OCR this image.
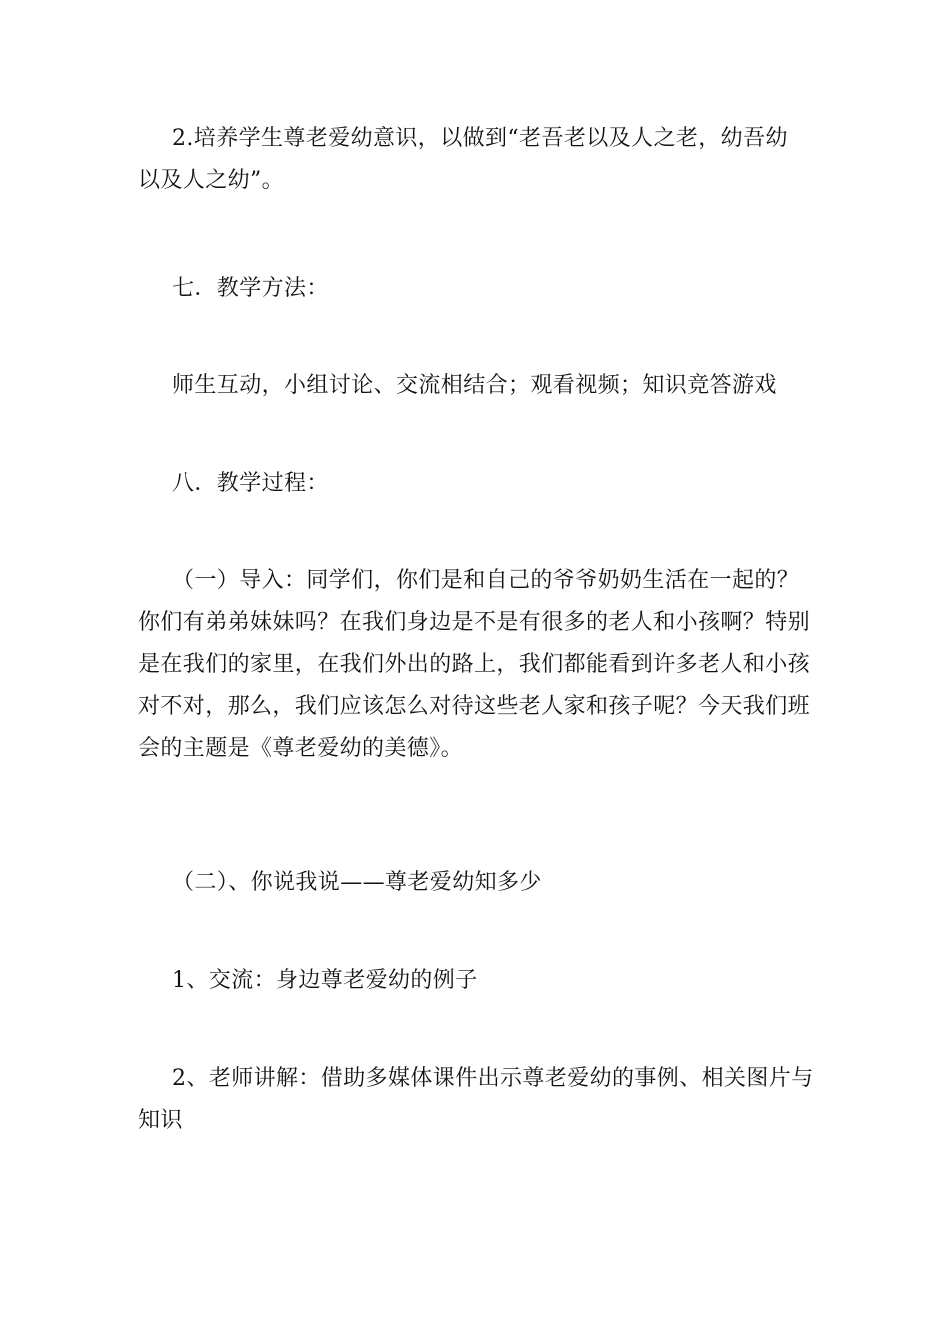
2.培养学生尊老爱幼意识，以做到“老吾老以及人之老，幼吾幼
以及人之幼”。
七．教学方法：
师生互动，小组讨论、交流相结合；观看视频；知识竞答游戏
八．教学过程：
（一）导入：同学们，你们是和自己的爷爷奶奶生活在一起的？
你们有弟弟妹妹吗？在我们身边是不是有很多的老人和小孩啊？特别
是在我们的家里，在我们外出的路上，我们都能看到许多老人和小孩
对不对，那么，我们应该怎么对待这些老人家和孩子呢？今天我们班
会的主题是《尊老爱幼的美德》。
（二）、你说我说——尊老爱幼知多少
1、交流：身边尊老爱幼的例子
2、老师讲解：借助多媒体课件出示尊老爱幼的事例、相关图片与
知识
